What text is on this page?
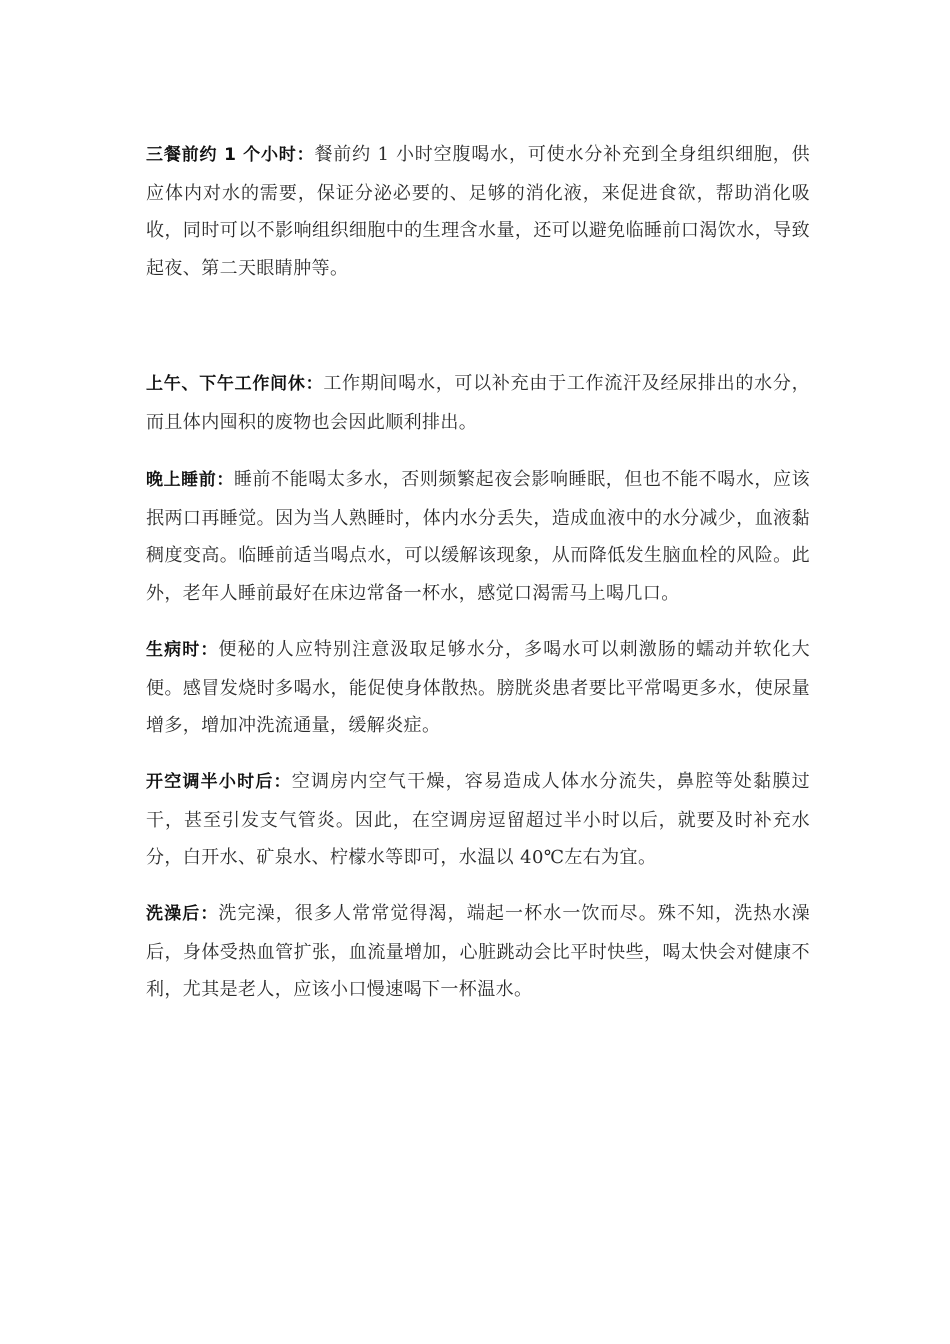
三餐前约 1 个小时：餐前约 1 小时空腹喝水，可使水分补充到全身组织细胞，供应体内对水的需要，保证分泌必要的、足够的消化液，来促进食欲，帮助消化吸收，同时可以不影响组织细胞中的生理含水量，还可以避免临睡前口渴饮水，导致起夜、第二天眼睛肿等。

上午、下午工作间休：工作期间喝水，可以补充由于工作流汗及经尿排出的水分，而且体内囤积的废物也会因此顺利排出。

晚上睡前：睡前不能喝太多水，否则频繁起夜会影响睡眠，但也不能不喝水，应该抿两口再睡觉。因为当人熟睡时，体内水分丢失，造成血液中的水分减少，血液黏稠度变高。临睡前适当喝点水，可以缓解该现象，从而降低发生脑血栓的风险。此外，老年人睡前最好在床边常备一杯水，感觉口渴需马上喝几口。

生病时：便秘的人应特别注意汲取足够水分，多喝水可以刺激肠的蠕动并软化大便。感冒发烧时多喝水，能促使身体散热。膀胱炎患者要比平常喝更多水，使尿量增多，增加冲洗流通量，缓解炎症。

开空调半小时后：空调房内空气干燥，容易造成人体水分流失，鼻腔等处黏膜过干，甚至引发支气管炎。因此，在空调房逗留超过半小时以后，就要及时补充水分，白开水、矿泉水、柠檬水等即可，水温以 40℃左右为宜。

洗澡后：洗完澡，很多人常常觉得渴，端起一杯水一饮而尽。殊不知，洗热水澡后，身体受热血管扩张，血流量增加，心脏跳动会比平时快些，喝太快会对健康不利，尤其是老人，应该小口慢速喝下一杯温水。
